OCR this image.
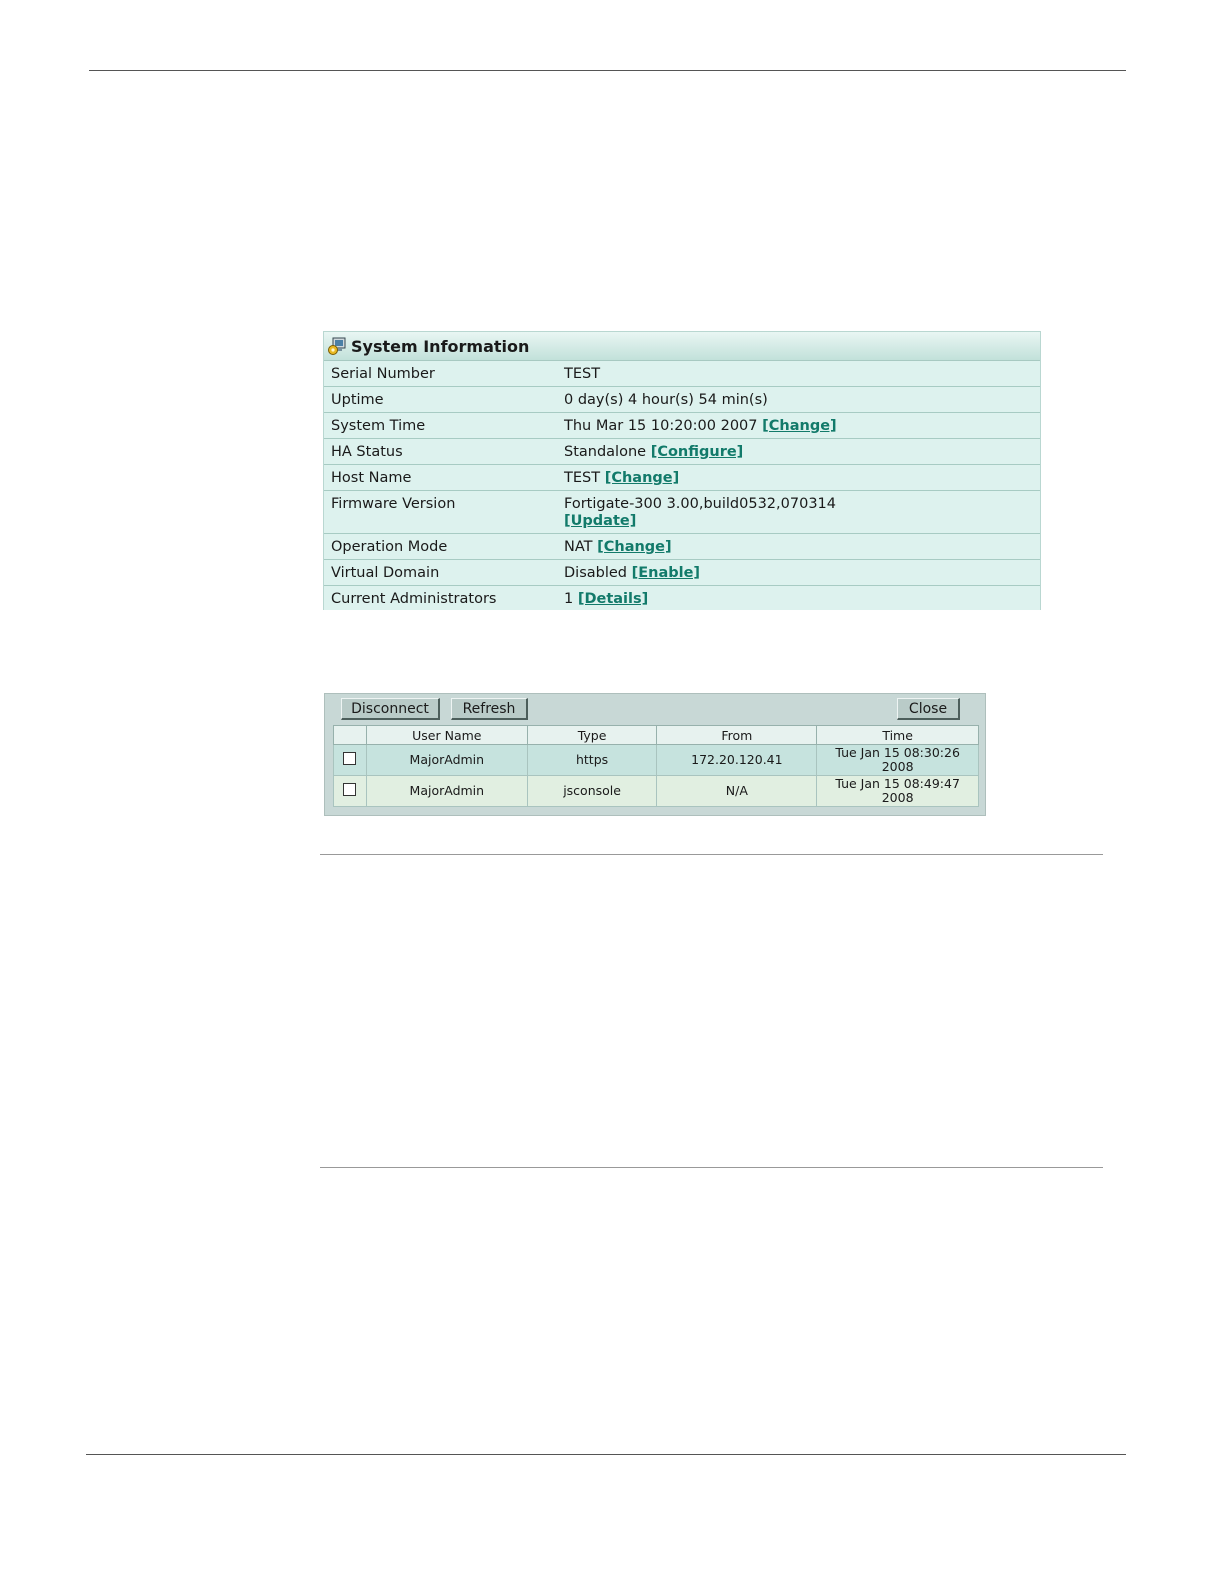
System Information
Serial Number	TEST
Uptime	0 day(s) 4 hour(s) 54 min(s)
System Time	Thu Mar 15 10:20:00 2007 [Change]
HA Status	Standalone [Configure]
Host Name	TEST [Change]
Firmware Version	Fortigate-300 3.00,build0532,070314
[Update]
Operation Mode	NAT [Change]
Virtual Domain	Disabled [Enable]
Current Administrators	1 [Details]
Disconnect	Refresh	Close
	User Name	Type	From	Time
	MajorAdmin	https	172.20.120.41	Tue Jan 15 08:30:26
2008
	MajorAdmin	jsconsole	N/A	Tue Jan 15 08:49:47
2008
